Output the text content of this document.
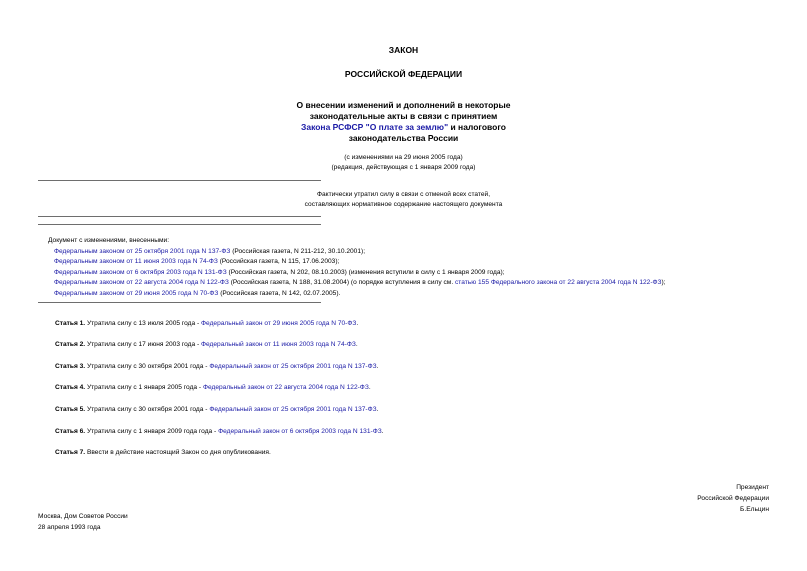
ЗАКОН
РОССИЙСКОЙ ФЕДЕРАЦИИ
О внесении изменений и дополнений в некоторые
законодательные акты в связи с принятием
Закона РСФСР "О плате за землю" и налогового
законодательства России
(с изменениями на 29 июня 2005 года)
(редакция, действующая с 1 января 2009 года)
Фактически утратил силу в связи с отменой всех статей,
составляющих нормативное содержание настоящего документа
Документ с изменениями, внесенными:
Федеральным законом от 25 октября 2001 года N 137-ФЗ (Российская газета, N 211-212, 30.10.2001);
Федеральным законом от 11 июня 2003 года N 74-ФЗ (Российская газета, N 115, 17.06.2003);
Федеральным законом от 6 октября 2003 года N 131-ФЗ (Российская газета, N 202, 08.10.2003) (изменения вступили в силу с 1 января 2009 года);
Федеральным законом от 22 августа 2004 года N 122-ФЗ (Российская газета, N 188, 31.08.2004) (о порядке вступления в силу см. статью 155 Федерального закона от 22 августа 2004 года N 122-ФЗ);
Федеральным законом от 29 июня 2005 года N 70-ФЗ (Российская газета, N 142, 02.07.2005).
Статья 1. Утратила силу с 13 июля 2005 года - Федеральный закон от 29 июня 2005 года N 70-ФЗ.
Статья 2. Утратила силу с 17 июня 2003 года - Федеральный закон от 11 июня 2003 года N 74-ФЗ.
Статья 3. Утратила силу с 30 октября 2001 года - Федеральный закон от 25 октября 2001 года N 137-ФЗ.
Статья 4. Утратила силу с 1 января 2005 года - Федеральный закон от 22 августа 2004 года N 122-ФЗ.
Статья 5. Утратила силу с 30 октября 2001 года - Федеральный закон от 25 октября 2001 года N 137-ФЗ.
Статья 6. Утратила силу с 1 января 2009 года года - Федеральный закон от 6 октября 2003 года N 131-ФЗ.
Статья 7. Ввести в действие настоящий Закон со дня опубликования.
Президент
Российской Федерации
Б.Ельцин
Москва, Дом Советов России
28 апреля 1993 года
